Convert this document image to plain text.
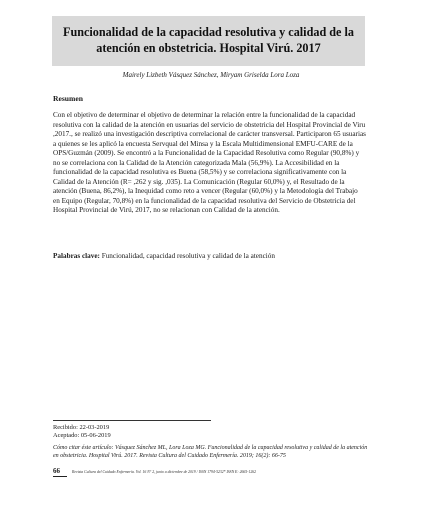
Funcionalidad de la capacidad resolutiva y calidad de la
atención en obstetricia. Hospital Virú. 2017
Mairely Lizbeth Vásquez Sánchez, Miryam Griselda Lora Loza
Resumen

Con el objetivo de determinar el objetivo de determinar la relación entre la funcionalidad de la capacidad resolutiva con la calidad de la atención en usuarias del servicio de obstetricia del Hospital Provincial de Viru ,2017., se realizó una investigación descriptiva correlacional de carácter transversal. Participaron 65 usuarias a quienes se les aplicó la encuesta Servqual del Minsa y la Escala Multidimensional EMFU-CARE de la OPS/Guzmán (2009). Se encontró a la Funcionalidad de la Capacidad Resolutiva como Regular (90,8%) y no se correlaciona con la Calidad de la Atención categorizada Mala (56,9%). La Accesibilidad en la funcionalidad de la capacidad resolutiva es Buena (58,5%) y se correlaciona significativamente con la Calidad de la Atención (R= ,262 y sig. ,035). La Comunicación (Regular 60,0%) y, el Resultado de la atención (Buena, 86,2%), la Inequidad como reto a vencer (Regular (60,0%) y la Metodología del Trabajo en Equipo (Regular, 70,8%) en la funcionalidad de la capacidad resolutiva del Servicio de Obstetricia del Hospital Provincial de Virú, 2017, no se relacionan con Calidad de la atención.

Palabras clave: Funcionalidad, capacidad resolutiva y calidad de la atención

Recibido: 22-03-2019
Aceptado: 05-06-2019

Cómo citar éste artículo: Vásquez Sánchez ML, Lora Loza MG. Funcionalidad de la capacidad resolutiva y calidad de la atención en obstetricia. Hospital Virú. 2017. Revista Cultura del Cuidado Enfermería. 2019; 16(2): 66-75

66	Revista Cultura del Cuidado Enfermería. Vol. 16 N° 2, junio a diciembre de 2019 / ISSN 1794-5232* ISSN E: 2665-1262
